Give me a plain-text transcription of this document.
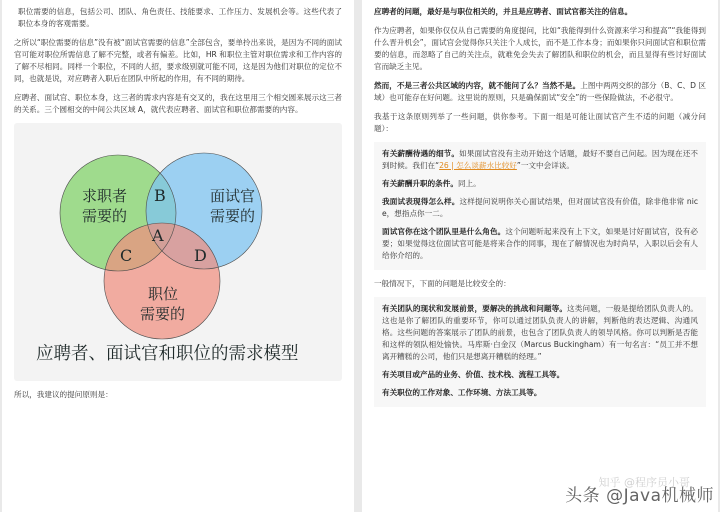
职位需要的信息，包括公司、团队、角色责任、技能要求、工作压力、发展机会等。这些代表了职位本身的客观需要。

之所以“职位需要的信息”没有被“面试官需要的信息”全部包含，要单拎出来说，是因为不同的面试官可能对职位所需信息了解不完整，或者有偏差。比如，HR 和职位主管对职位需求和工作内容的了解不尽相同。同样一个职位，不同的人招，要求级别就可能不同，这是因为他们对职位的定位不同，也就是说，对应聘者入职后在团队中所起的作用，有不同的期待。

应聘者、面试官、职位本身，这三者的需求内容是有交叉的，我在这里用三个相交圆来展示这三者的关系。三个圆相交的中间公共区域 A，就代表应聘者、面试官和职位都需要的内容。

求职者
需要的
面试官
需要的
职位
需要的
B
A
C	D
应聘者、面试官和职位的需求模型

所以，我建议的提问原则是：

应聘者的问题，最好是与职位相关的，并且是应聘者、面试官都关注的信息。

作为应聘者，如果你仅仅从自己需要的角度提问，比如“我能得到什么资源来学习和提高”“我能得到什么晋升机会”，面试官会觉得你只关注个人成长，而不是工作本身；而如果你只问面试官和职位需要的信息，而忽略了自己的关注点，就难免会失去了解团队和职位的机会，而且显得有些讨好面试官而缺乏主见。

然而，不是三者公共区域的内容，就不能问了么？当然不是。上图中两两交织的部分（B、C、D 区域）也可能存在好问题。这里说的原则，只是确保面试“安全”的一些保险做法，不必很守。

我基于这条原则列举了一些问题，供你参考。下面一组是可能让面试官产生不适的问题（减分问题）：

有关薪酬待遇的细节。如果面试官没有主动开始这个话题，最好不要自己问起。因为现在还不到时候。我们在“26 | 怎么谈薪水比较好”一文中会详谈。

有关薪酬升职的条件。同上。

我面试表现得怎么样。这样提问说明你关心面试结果，但对面试官没有价值，除非他非常 nice，想指点你一二。

面试官你在这个团队里是什么角色。这个问题听起来没有上下文，如果是讨好面试官，没有必要；如果觉得这位面试官可能是将来合作的同事，现在了解情况也为时尚早，入职以后会有人给你介绍的。

一般情况下，下面的问题是比较安全的：

有关团队的现状和发展前景，要解决的挑战和问题等。这类问题，一般是提给团队负责人的。这也是你了解团队的重要环节，你可以通过团队负责人的讲解，判断他的表达逻辑、沟通风格。这些问题的答案展示了团队的前景，也包含了团队负责人的领导风格。你可以判断是否能和这样的领队相处愉快。马库斯·白金汉（Marcus Buckingham）有一句名言：“员工并不想离开糟糕的公司，他们只是想离开糟糕的经理。”

有关项目或产品的业务、价值、技术栈、流程工具等。

有关职位的工作对象、工作环境、方法工具等。

知乎 @程序员小哥
头条 @Java机械师
